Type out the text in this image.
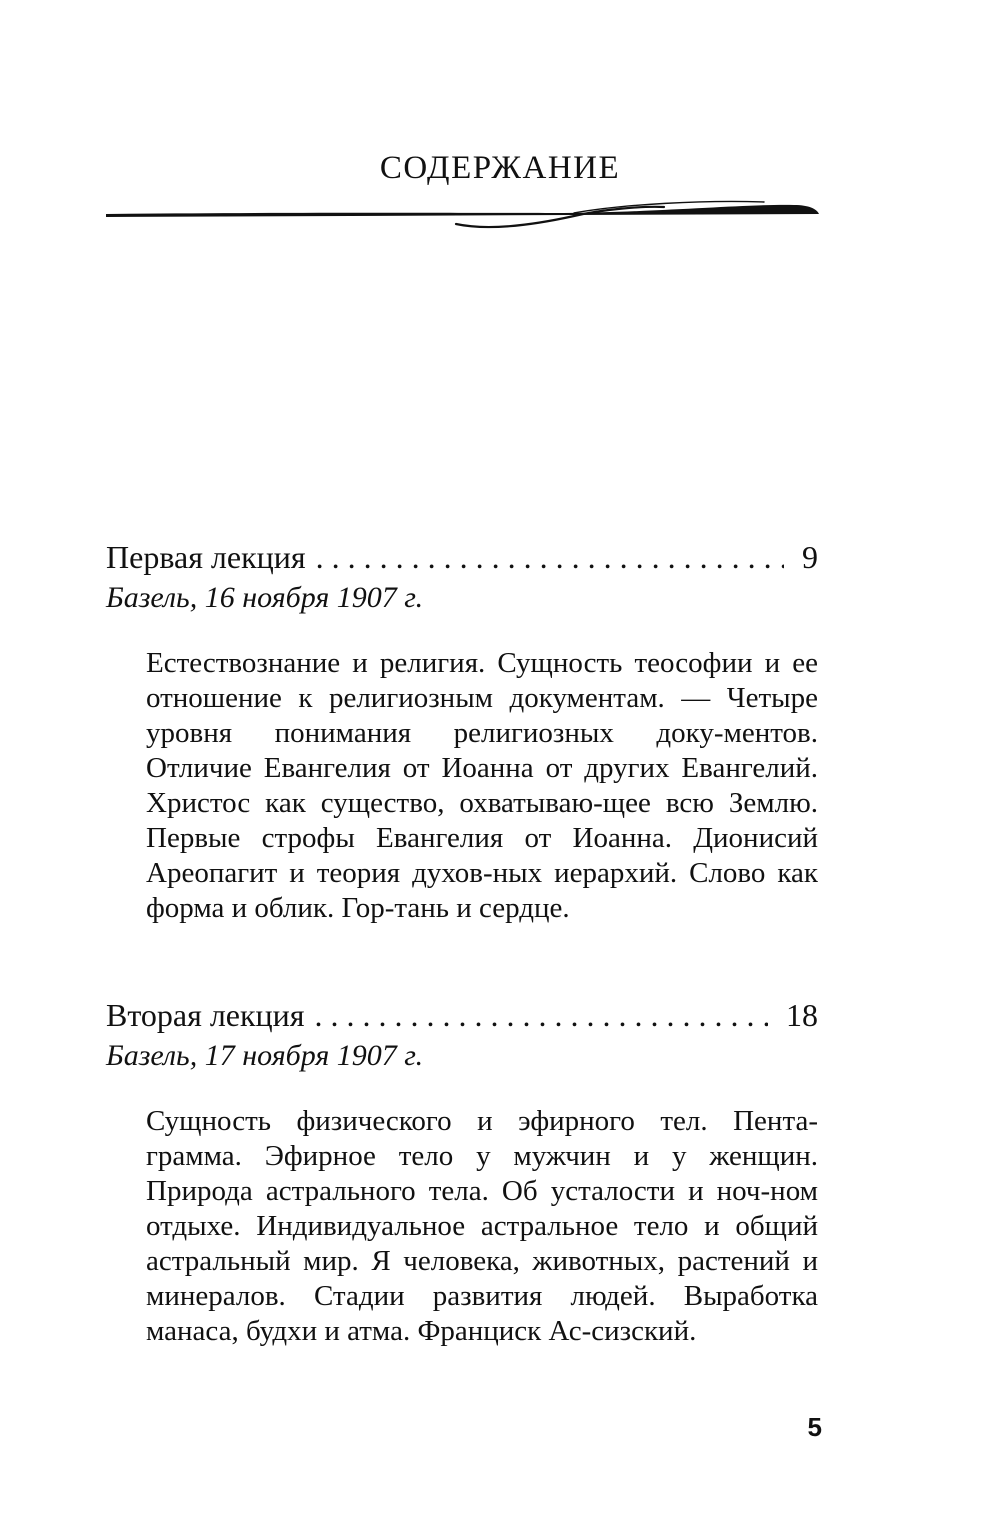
СОДЕРЖАНИЕ
Первая лекция . . .	9
Базель, 16 ноября 1907 г.
Естествознание и религия. Сущность теософии и ее отношение к религиозным документам. — Четыре уровня понимания религиозных доку-ментов. Отличие Евангелия от Иоанна от других Евангелий. Христос как существо, охватываю-щее всю Землю. Первые строфы Евангелия от Иоанна. Дионисий Ареопагит и теория духов-ных иерархий. Слово как форма и облик. Гор-тань и сердце.
Вторая лекция . . .	18
Базель, 17 ноября 1907 г.
Сущность физического и эфирного тел. Пента-грамма. Эфирное тело у мужчин и у женщин. Природа астрального тела. Об усталости и ноч-ном отдыхе. Индивидуальное астральное тело и общий астральный мир. Я человека, животных, растений и минералов. Стадии развития людей. Выработка манаса, будхи и атма. Франциск Ас-сизский.
5
